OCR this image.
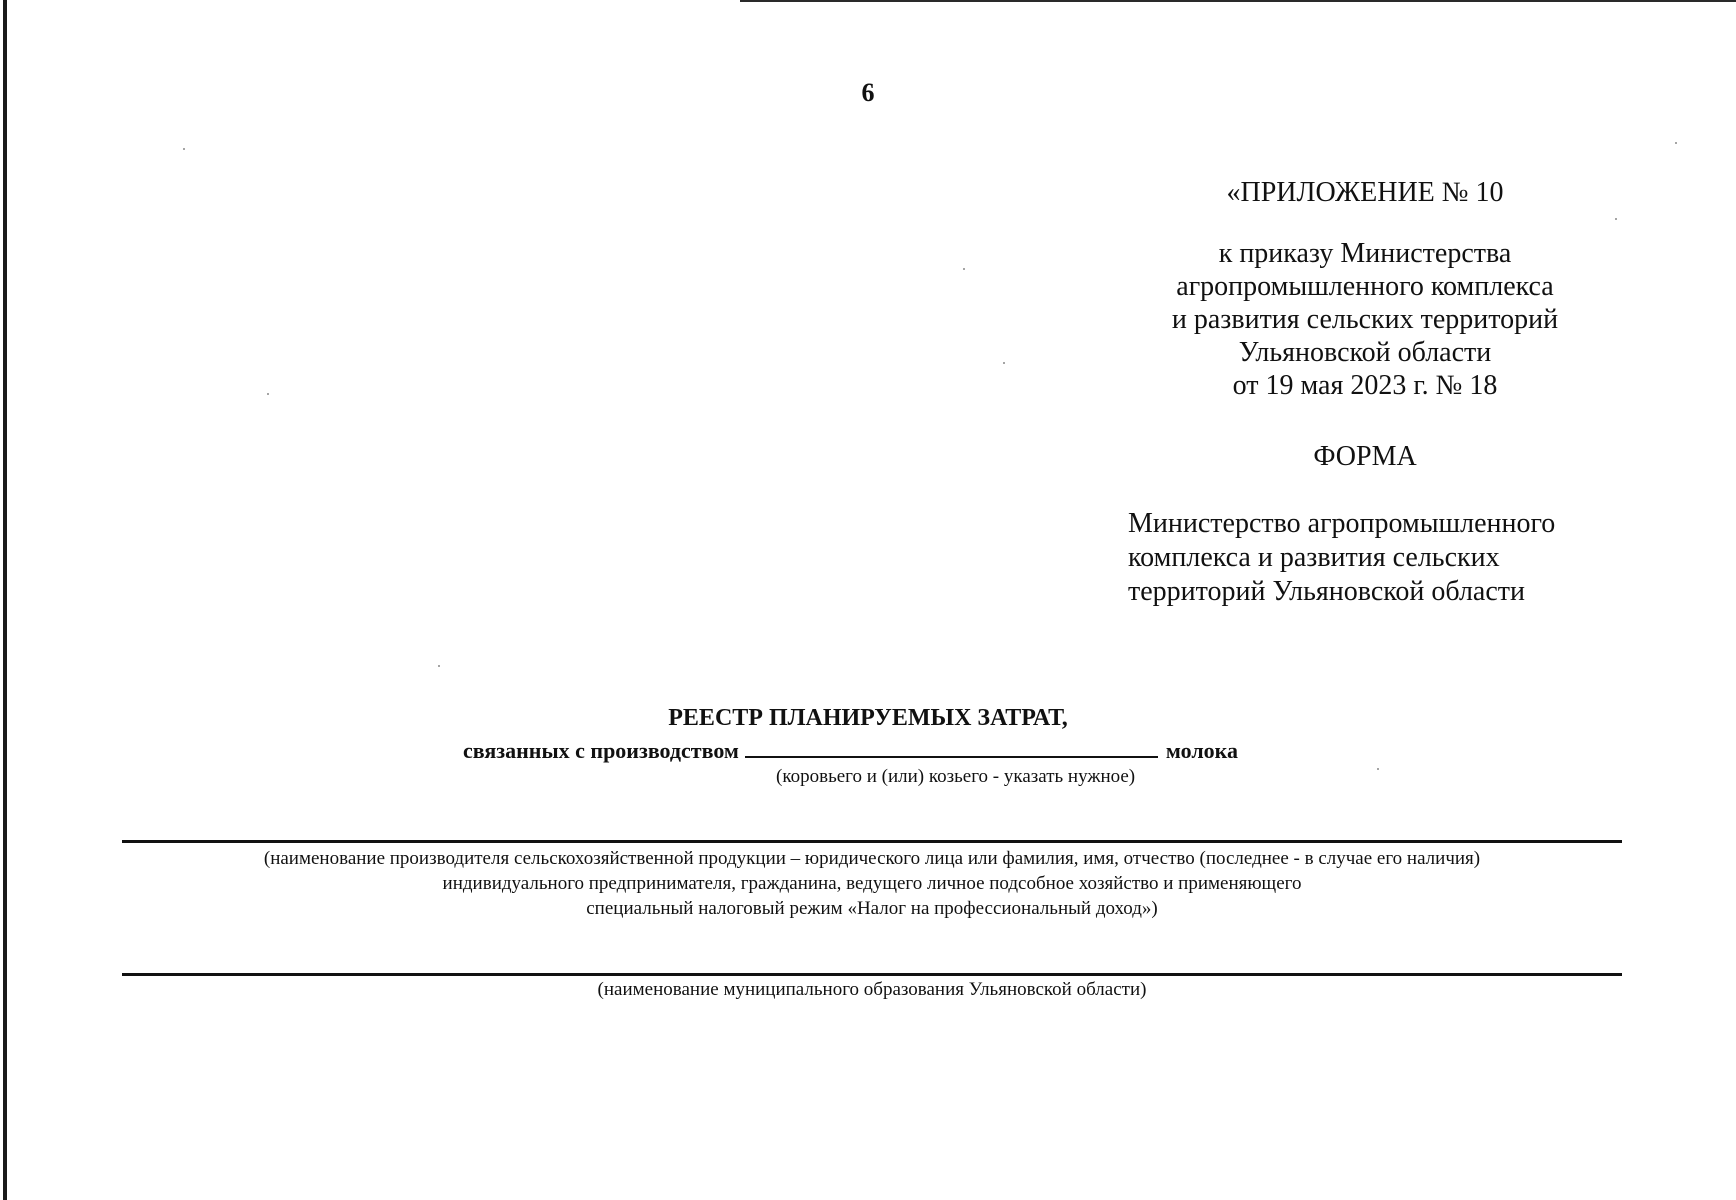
6
«ПРИЛОЖЕНИЕ № 10
к приказу Министерства
агропромышленного комплекса
и развития сельских территорий
Ульяновской области
от 19 мая 2023 г. № 18
ФОРМА
Министерство агропромышленного
комплекса и развития сельских
территорий Ульяновской области
РЕЕСТР ПЛАНИРУЕМЫХ ЗАТРАТ,
связанных с производством	молока
(коровьего и (или) козьего - указать нужное)
(наименование производителя сельскохозяйственной продукции – юридического лица или фамилия, имя, отчество (последнее - в случае его наличия)
индивидуального предпринимателя, гражданина, ведущего личное подсобное хозяйство и применяющего
специальный налоговый режим «Налог на профессиональный доход»)
(наименование муниципального образования Ульяновской области)
